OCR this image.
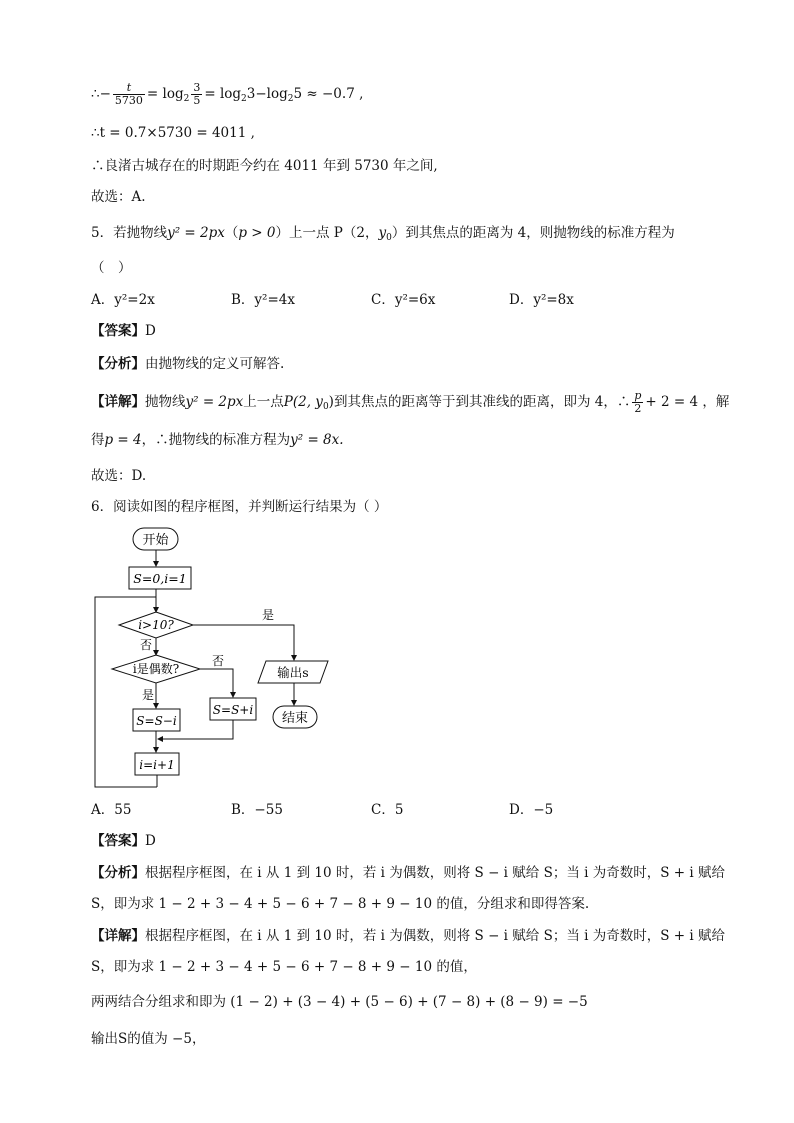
∴− $\frac{t}{5730} = \log_2 \frac{3}{5} = \log_23-\log_25 \approx -0.7$ ,
∴t = 0.7×5730 = 4011 ,
∴良渚古城存在的时期距今约在 4011 年到 5730 年之间,
故选：A.
5．若抛物线y² = 2px（p > 0）上一点 P（2，$y_0$）到其焦点的距离为 4，则抛物线的标准方程为
（　）
A．y²=2x	B．y²=4x	C．y²=6x	D．y²=8x
【答案】D
【分析】由抛物线的定义可解答.
【详解】抛物线y² = 2px上一点P(2, $y_0$)到其焦点的距离等于到其准线的距离，即为 4，∴ $\frac{p}{2} + 2 = 4$ ，解
得p = 4，∴抛物线的标准方程为y² = 8x.
故选：D.
6．阅读如图的程序框图，并判断运行结果为（ ）
开始
S=0,i=1
i>10?
是
否
i是偶数?
否
是
S=S−i
S=S+i
i=i+1
输出s
结束
A．55	B．−55	C．5	D．−5
【答案】D
【分析】根据程序框图，在 i 从 1 到 10 时，若 i 为偶数，则将 S − i 赋给 S；当 i 为奇数时，S + i 赋给
S，即为求 1 − 2 + 3 − 4 + 5 − 6 + 7 − 8 + 9 − 10 的值，分组求和即得答案.
【详解】根据程序框图，在 i 从 1 到 10 时，若 i 为偶数，则将 S − i 赋给 S；当 i 为奇数时，S + i 赋给
S，即为求 1 − 2 + 3 − 4 + 5 − 6 + 7 − 8 + 9 − 10 的值，
两两结合分组求和即为 (1 − 2) + (3 − 4) + (5 − 6) + (7 − 8) + (8 − 9) = −5
输出S的值为 −5，
